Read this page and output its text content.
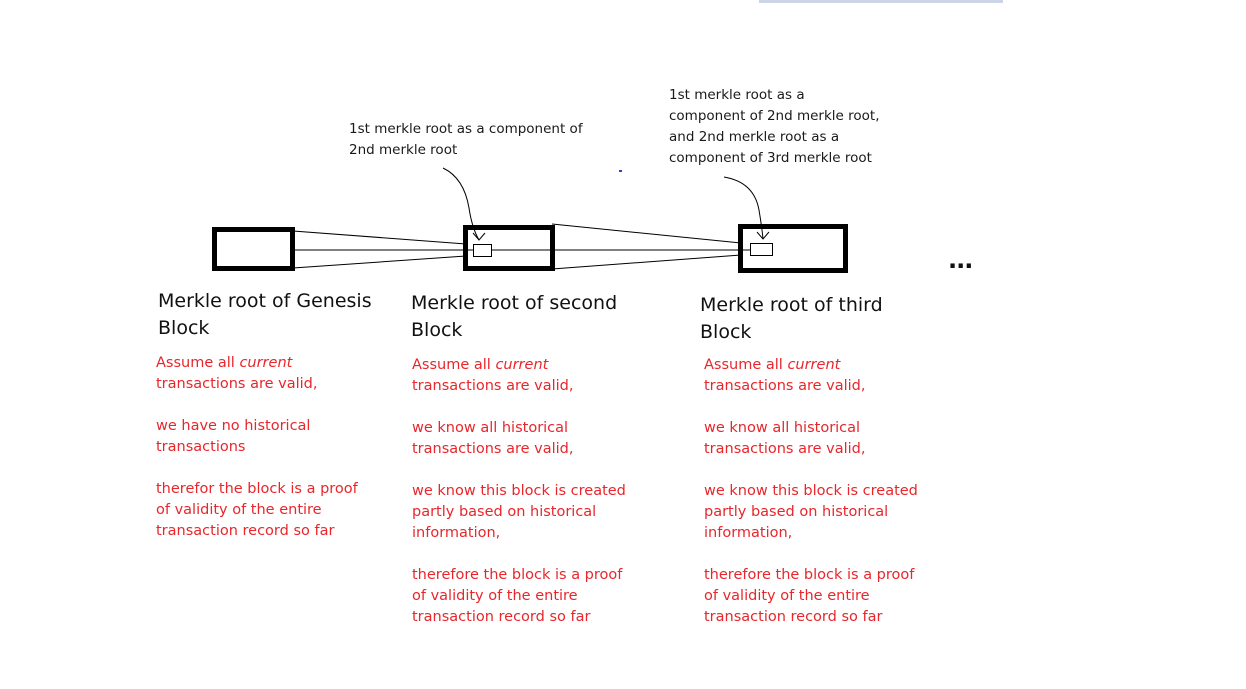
1st merkle root as a component of
2nd merkle root
1st merkle root as a
component of 2nd merkle root,
and 2nd merkle root as a
component of 3rd merkle root
Merkle root of Genesis
Block
Merkle root of second
Block
Merkle root of third
Block
Assume all current
transactions are valid,
we have no historical
transactions
therefor the block is a proof
of validity of the entire
transaction record so far
Assume all current
transactions are valid,
we know all historical
transactions are valid,
we know this block is created
partly based on historical
information,
therefore the block is a proof
of validity of the entire
transaction record so far
Assume all current
transactions are valid,
we know all historical
transactions are valid,
we know this block is created
partly based on historical
information,
therefore the block is a proof
of validity of the entire
transaction record so far
...
